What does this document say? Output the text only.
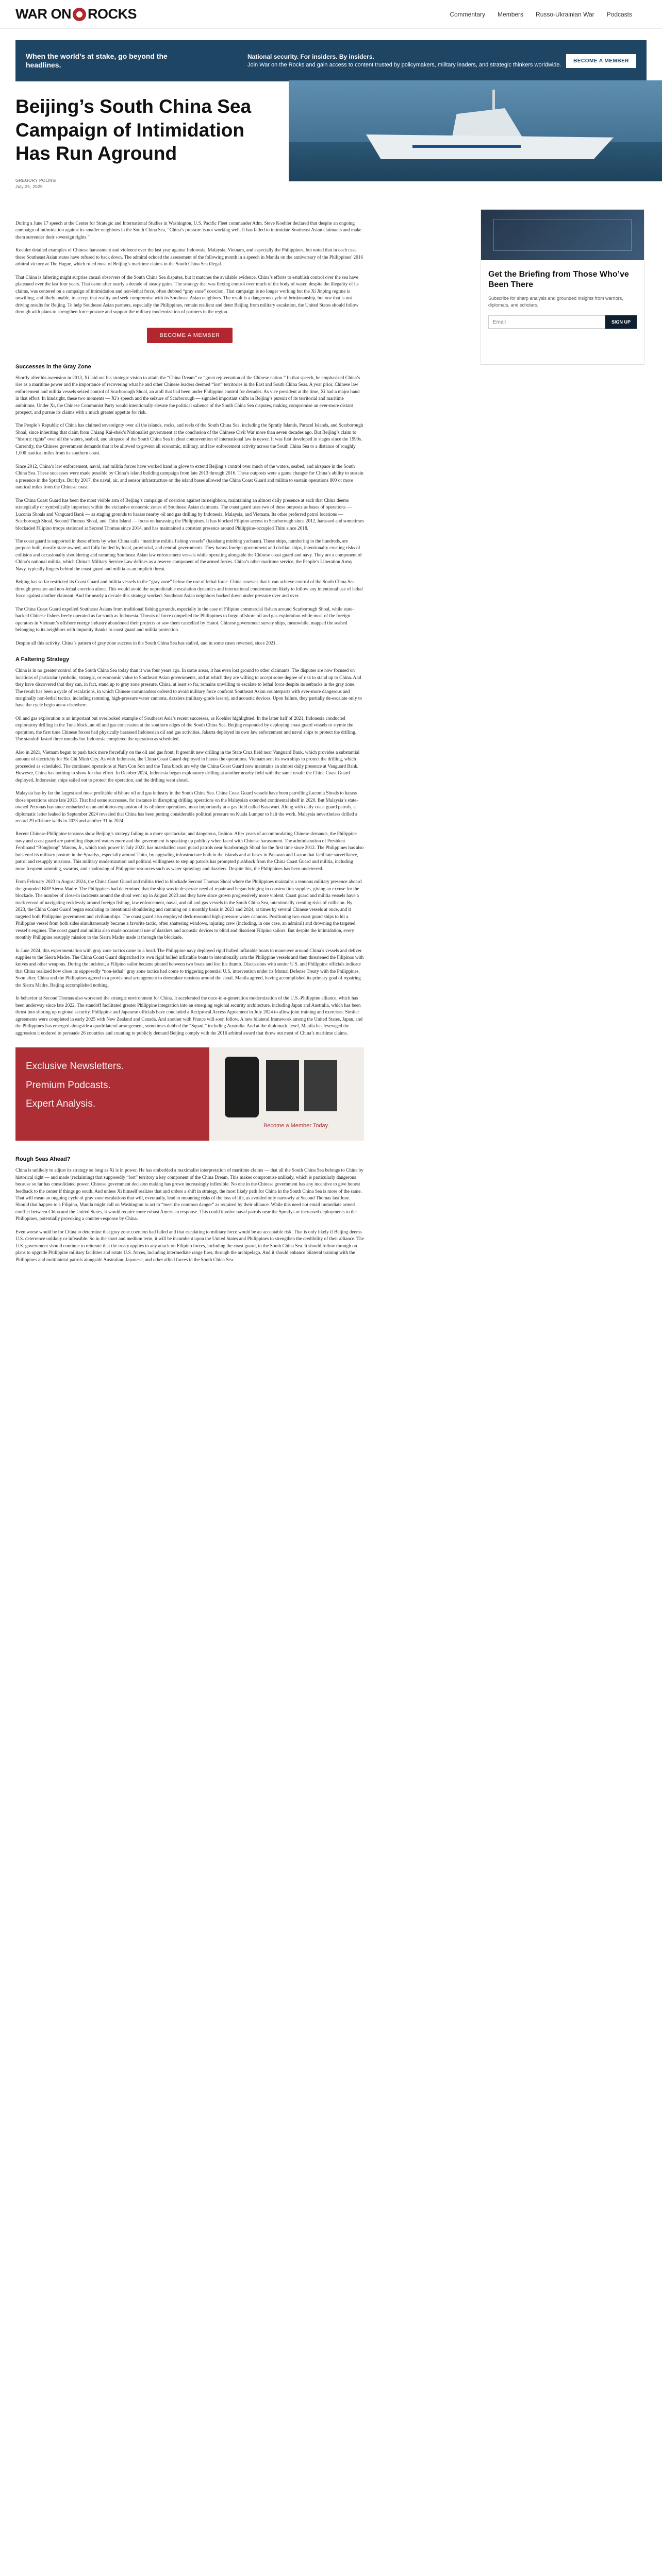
WAR ON ROCKS	Commentary Members Russo-Ukrainian War Podcasts
When the world's at stake, go beyond the headlines.
National security. For insiders. By insiders.
Join War on the Rocks and gain access to content trusted by policymakers, military leaders, and strategic thinkers worldwide.
BECOME A MEMBER
Beijing’s South China Sea Campaign of Intimidation Has Run Aground
GREGORY POLING
July 25, 2025
Get the Briefing from Those Who’ve Been There

Subscribe for sharp analysis and grounded insights from warriors, diplomats, and scholars.

Email
SIGN UP

During a June 17 speech at the Center for Strategic and International Studies in Washington, U.S. Pacific Fleet commander Adm. Steve Koehler declared that despite an ongoing campaign of intimidation against its smaller neighbors in the South China Sea, “China’s pressure is not working well. It has failed to intimidate Southeast Asian claimants and make them surrender their sovereign rights.”

Koehler detailed examples of Chinese harassment and violence over the last year against Indonesia, Malaysia, Vietnam, and especially the Philippines, but noted that in each case these Southeast Asian states have refused to back down. The admiral echoed the assessment of the following month in a speech in Manila on the anniversary of the Philippines’ 2016 arbitral victory at The Hague, which ruled most of Beijing’s maritime claims in the South China Sea illegal.

That China is faltering might surprise casual observers of the South China Sea disputes, but it matches the available evidence. China’s efforts to establish control over the sea have plateaued over the last four years. That came after nearly a decade of steady gains. The strategy that was flexing control over much of the body of water, despite the illegality of its claims, was centered on a campaign of intimidation and non-lethal force, often dubbed “gray zone” coercion. That campaign is no longer working but the Xi Jinping regime is unwilling, and likely unable, to accept that reality and seek compromise with its Southeast Asian neighbors. The result is a dangerous cycle of brinkmanship, but one that is not driving results for Beijing. To help Southeast Asian partners, especially the Philippines, remain resilient and deter Beijing from military escalation, the United States should follow through with plans to strengthen force posture and support the military modernization of partners in the region.

BECOME A MEMBER
Successes in the Gray Zone

Shortly after his ascension in 2013, Xi laid out his strategic vision to attain the “China Dream” or “great rejuvenation of the Chinese nation.” In that speech, he emphasized China’s rise as a maritime power and the importance of recovering what he and other Chinese leaders deemed “lost” territories in the East and South China Seas. A year prior, Chinese law enforcement and militia vessels seized control of Scarborough Shoal, an atoll that had been under Philippine control for decades. As vice president at the time, Xi had a major hand in that effort. In hindsight, these two moments — Xi’s speech and the seizure of Scarborough — signaled important shifts in Beijing’s pursuit of its territorial and maritime ambitions. Under Xi, the Chinese Communist Party would intentionally elevate the political salience of the South China Sea disputes, making compromise an ever-more distant prospect, and pursue its claims with a much greater appetite for risk.

The People’s Republic of China has claimed sovereignty over all the islands, rocks, and reefs of the South China Sea, including the Spratly Islands, Paracel Islands, and Scarborough Shoal, since inheriting that claim from Chiang Kai-shek’s Nationalist government at the conclusion of the Chinese Civil War more than seven decades ago. But Beijing’s claim to “historic rights” over all the waters, seabed, and airspace of the South China Sea in clear contravention of international law is newer. It was first developed in stages since the 1990s. Currently, the Chinese government demands that it be allowed to govern all economic, military, and law enforcement activity across the South China Sea to a distance of roughly 1,000 nautical miles from its southern coast.

Since 2012, China’s law enforcement, naval, and militia forces have worked hand in glove to extend Beijing’s control over much of the waters, seabed, and airspace in the South China Sea. These successes were made possible by China’s island building campaign from late 2013 through 2016. These outposts were a game changer for China’s ability to sustain a presence in the Spratlys. But by 2017, the naval, air, and sensor infrastructure on the island bases allowed the China Coast Guard and militia to sustain operations 800 or more nautical miles from the Chinese coast.

The China Coast Guard has been the most visible arm of Beijing’s campaign of coercion against its neighbors, maintaining an almost daily presence at each that China deems strategically or symbolically important within the exclusive economic zones of Southeast Asian claimants. The coast guard uses two of these outposts as bases of operations — Luconia Shoals and Vanguard Bank — as staging grounds to harass nearby oil and gas drilling by Indonesia, Malaysia, and Vietnam. Its other preferred patrol locations — Scarborough Shoal, Second Thomas Shoal, and Thitu Island — focus on harassing the Philippines. It has blocked Filipino access to Scarborough since 2012, harassed and sometimes blockaded Filipino troops stationed at Second Thomas since 2014, and has maintained a constant presence around Philippine-occupied Thitu since 2018.

The coast guard is supported in these efforts by what China calls “maritime militia fishing vessels” (haishang minbing yuchuan). These ships, numbering in the hundreds, are purpose built, mostly state-owned, and fully funded by local, provincial, and central governments. They harass foreign government and civilian ships, intentionally creating risks of collision and occasionally shouldering and ramming Southeast Asian law enforcement vessels while operating alongside the Chinese coast guard and navy. They are a component of China’s national militia, which China’s Military Service Law defines as a reserve component of the armed forces. China’s other maritime service, the People’s Liberation Army Navy, typically lingers behind the coast guard and militia as an implicit threat.

Beijing has so far restricted its Coast Guard and militia vessels to the “gray zone” below the use of lethal force. China assesses that it can achieve control of the South China Sea through pressure and non-lethal coercion alone. This would avoid the unpredictable escalation dynamics and international condemnation likely to follow any intentional use of lethal force against another claimant. And for nearly a decade this strategy worked: Southeast Asian neighbors backed down under pressure over and over.

The China Coast Guard expelled Southeast Asians from traditional fishing grounds, especially in the case of Filipino commercial fishers around Scarborough Shoal, while state-backed Chinese fishers freely operated as far south as Indonesia. Threats of force compelled the Philippines to forgo offshore oil and gas exploration while most of the foreign operators in Vietnam’s offshore energy industry abandoned their projects or saw them cancelled by Hanoi. Chinese government survey ships, meanwhile, mapped the seabed belonging to its neighbors with impunity thanks to coast guard and militia protection.

Despite all this activity, China’s pattern of gray zone success in the South China Sea has stalled, and in some cases reversed, since 2021.

A Faltering Strategy

China is in no greater control of the South China Sea today than it was four years ago. In some areas, it has even lost ground to other claimants. The disputes are now focused on locations of particular symbolic, strategic, or economic value to Southeast Asian governments, and at which they are willing to accept some degree of risk to stand up to China. And they have discovered that they can, in fact, stand up to gray zone pressure. China, at least so far, remains unwilling to escalate to lethal force despite its setbacks in the gray zone. The result has been a cycle of escalations, in which Chinese commanders ordered to avoid military force confront Southeast Asian counterparts with ever-more dangerous and marginally non-lethal tactics, including ramming, high-pressure water cannons, dazzlers (military-grade lasers), and acoustic devices. Upon failure, they partially de-escalate only to have the cycle begin anew elsewhere.

Oil and gas exploration is an important but overlooked example of Southeast Asia’s recent successes, as Koehler highlighted. In the latter half of 2021, Indonesia conducted exploratory drilling in the Tuna block, an oil and gas concession at the southern edges of the South China Sea. Beijing responded by deploying coast guard vessels to stymie the operation, the first time Chinese forces had physically harassed Indonesian oil and gas activities. Jakarta deployed its own law enforcement and naval ships to protect the drilling. The standoff lasted three months but Indonesia completed the operation as scheduled.

Also in 2021, Vietnam began to push back more forcefully on the oil and gas front. It greenlit new drilling in the State Cruz field near Vanguard Bank, which provides a substantial amount of electricity for Ho Chi Minh City. As with Indonesia, the China Coast Guard deployed to harass the operations. Vietnam sent its own ships to protect the drilling, which proceeded as scheduled. The continued operations at Nam Con Son and the Tuna block are why the China Coast Guard now maintains an almost daily presence at Vanguard Bank. However, China has nothing to show for that effort. In October 2024, Indonesia began exploratory drilling at another nearby field with the same result: the China Coast Guard deployed, Indonesian ships sailed out to protect the operation, and the drilling went ahead.

Malaysia has by far the largest and most profitable offshore oil and gas industry in the South China Sea. China Coast Guard vessels have been patrolling Luconia Shoals to harass those operations since late 2013. That had some successes, for instance in disrupting drilling operations on the Malaysian extended continental shelf in 2020. But Malaysia’s state-owned Petronas has since embarked on an ambitious expansion of its offshore operations, most importantly at a gas field called Kasawari. Along with daily coast guard patrols, a diplomatic letter leaked in September 2024 revealed that China has been putting considerable political pressure on Kuala Lumpur to halt the work. Malaysia nevertheless drilled a record 29 offshore wells in 2023 and another 31 in 2024.

Recent Chinese-Philippine tensions show Beijing’s strategy failing in a more spectacular, and dangerous, fashion. After years of accommodating Chinese demands, the Philippine navy and coast guard are patrolling disputed waters more and the government is speaking up publicly when faced with Chinese harassment. The administration of President Ferdinand “Bongbong” Marcos, Jr., which took power in July 2022, has marshalled coast guard patrols near Scarborough Shoal for the first time since 2012. The Philippines has also bolstered its military posture in the Spratlys, especially around Thitu, by upgrading infrastructure both in the islands and at bases in Palawan and Luzon that facilitate surveillance, patrol and resupply missions. This military modernization and political willingness to step up patrols has prompted pushback from the China Coast Guard and militia, including more frequent ramming, swarms, and shadowing of Philippine resources such as water sprayings and dazzlers. Despite this, the Philippines has been undeterred.

From February 2023 to August 2024, the China Coast Guard and militia tried to blockade Second Thomas Shoal where the Philippines maintains a tenuous military presence aboard the grounded BRP Sierra Madre. The Philippines had determined that the ship was in desperate need of repair and began bringing in construction supplies, giving an excuse for the blockade. The number of close-in incidents around the shoal went up in August 2023 and they have since grown progressively more violent. Coast guard and militia vessels have a track record of navigating recklessly around foreign fishing, law enforcement, naval, and oil and gas vessels in the South China Sea, intentionally creating risks of collision. By 2023, the China Coast Guard began escalating to intentional shouldering and ramming on a monthly basis in 2023 and 2024, at times by several Chinese vessels at once, and it targeted both Philippine government and civilian ships. The coast guard also employed deck-mounted high-pressure water cannons. Positioning two coast guard ships to hit a Philippine vessel from both sides simultaneously became a favorite tactic, often shattering windows, injuring crew (including, in one case, an admiral) and drowning the targeted vessel’s engines. The coast guard and militia also made occasional use of dazzlers and acoustic devices to blind and disorient Filipino sailors. But despite the intimidation, every monthly Philippine resupply mission to the Sierra Madre made it through the blockade.

In June 2024, this experimentation with gray zone tactics came to a head. The Philippine navy deployed rigid hulled inflatable boats to maneuver around China’s vessels and deliver supplies to the Sierra Madre. The China Coast Guard dispatched its own rigid hulled inflatable boats to intentionally ram the Philippine vessels and then threatened the Filipinos with knives and other weapons. During the incident, a Filipino sailor became pinned between two boats and lost his thumb. Discussions with senior U.S. and Philippine officials indicate that China realized how close its supposedly “non-lethal” gray zone tactics had come to triggering potential U.S. intervention under its Mutual Defense Treaty with the Philippines. Soon after, China and the Philippines agreed to a provisional arrangement to deescalate tensions around the shoal. Manila agreed, having accomplished its primary goal of repairing the Sierra Madre. Beijing accomplished nothing.

In behavior at Second Thomas also worsened the strategic environment for China. It accelerated the once-in-a-generation modernization of the U.S.-Philippine alliance, which has been underway since late 2022. The standoff facilitated greater Philippine integration into an emerging regional security architecture, including Japan and Australia, which has been thrust into shoring up regional security. Philippine and Japanese officials have concluded a Reciprocal Access Agreement in July 2024 to allow joint training and exercises. Similar agreements were completed in early 2025 with New Zealand and Canada. And another with France will soon follow. A new bilateral framework among the United States, Japan, and the Philippines has emerged alongside a quadrilateral arrangement, sometimes dubbed the “Squad,” including Australia. And at the diplomatic level, Manila has leveraged the aggression it endured to persuade 26 countries and counting to publicly demand Beijing comply with the 2016 arbitral award that threw out most of China’s maritime claims.

Exclusive Newsletters.
Premium Podcasts.
Expert Analysis.
Become a Member Today.
Rough Seas Ahead?

China is unlikely to adjust its strategy so long as Xi is in power. He has embedded a maximalist interpretation of maritime claims — that all the South China Sea belongs to China by historical right — and made (reclaiming) that supposedly “lost” territory a key component of the China Dream. This makes compromise unlikely, which is particularly dangerous because so far has consolidated power. Chinese government decision making has grown increasingly inflexible. No one in the Chinese government has any incentive to give honest feedback to the center if things go south. And unless Xi himself realizes that and orders a shift in strategy, the most likely path for China in the South China Sea is more of the same. That will mean an ongoing cycle of gray zone escalations that will, eventually, lead to mounting risks of the loss of life, as avoided only narrowly at Second Thomas last June. Should that happen to a Filipino, Manila might call on Washington to act to “meet the common danger” as required by their alliance. While this need not entail immediate armed conflict between China and the United States, it would require more robust American response. This could involve naval patrols near the Spratlys or increased deployments to the Philippines, potentially provoking a counter-response by China.

Even worse would be for China to determine that gray zone coercion had failed and that escalating to military force would be an acceptable risk. That is only likely if Beijing deems U.S. deterrence unlikely or infeasible. So in the short and medium term, it will be incumbent upon the United States and Philippines to strengthen the credibility of their alliance. The U.S. government should continue to reiterate that the treaty applies to any attack on Filipino forces, including the coast guard, in the South China Sea. It should follow through on plans to upgrade Philippine military facilities and rotate U.S. forces, including intermediate range fires, through the archipelago. And it should enhance bilateral training with the Philippines and multilateral patrols alongside Australian, Japanese, and other allied forces in the South China Sea.
